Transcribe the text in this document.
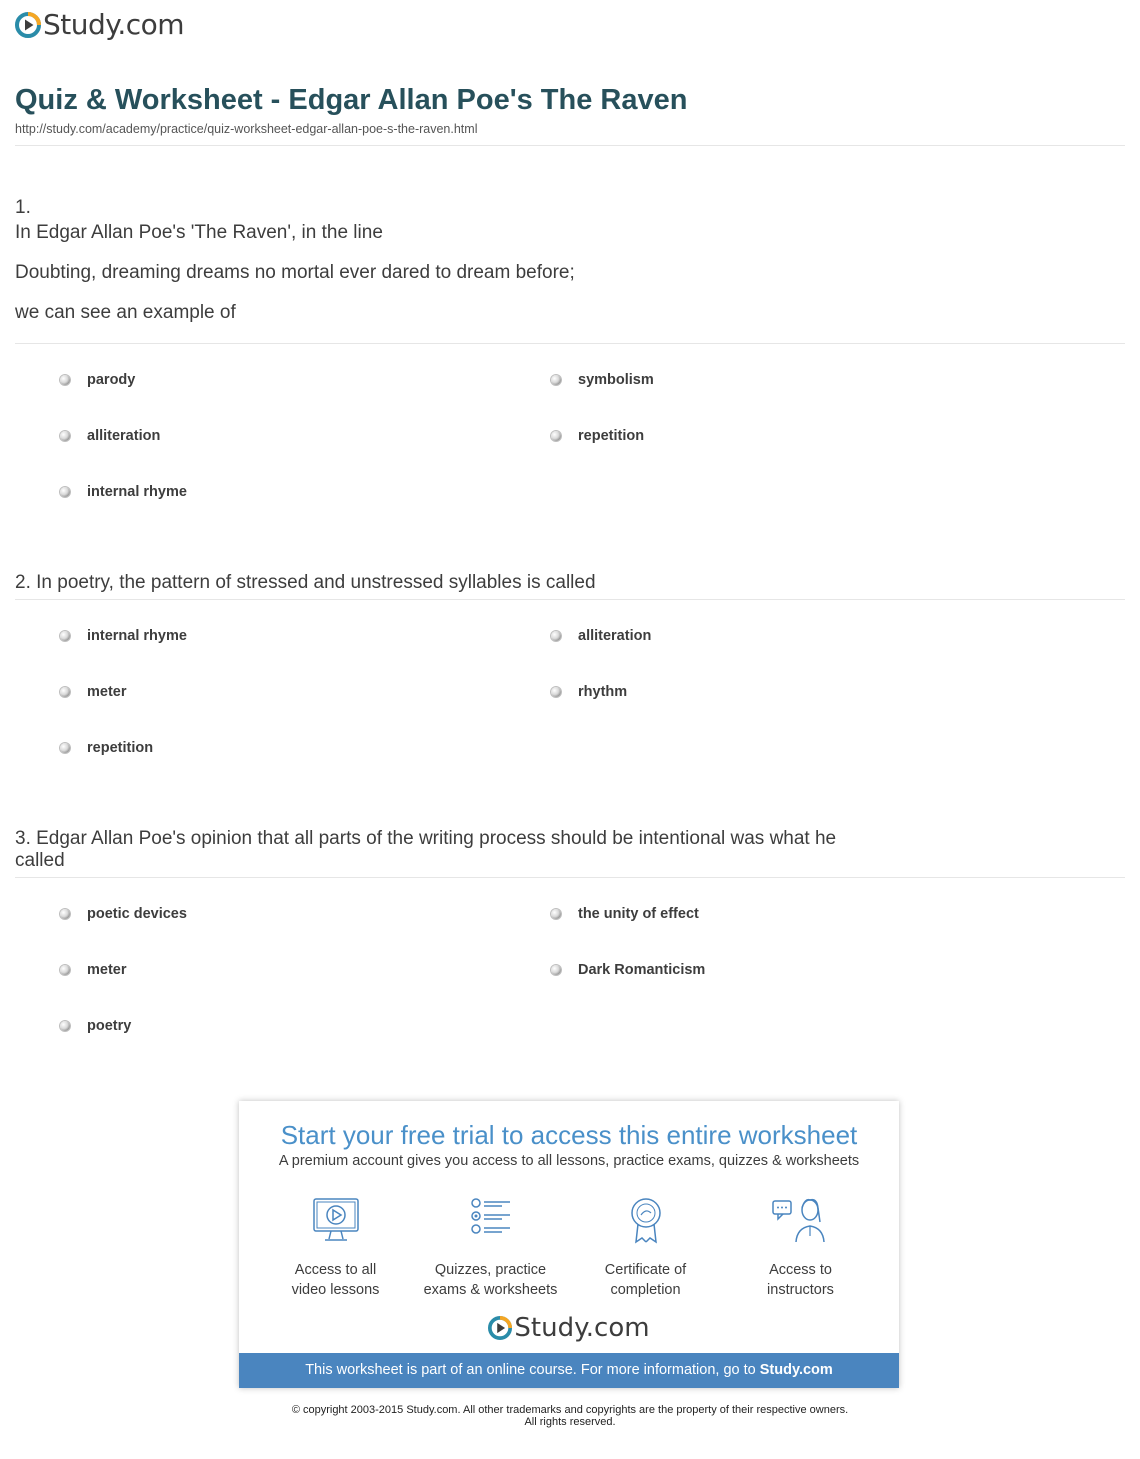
Study.com
Quiz & Worksheet - Edgar Allan Poe's The Raven
http://study.com/academy/practice/quiz-worksheet-edgar-allan-poe-s-the-raven.html
1.
In Edgar Allan Poe's 'The Raven', in the line
Doubting, dreaming dreams no mortal ever dared to dream before;
we can see an example of
parody	symbolism
alliteration	repetition
internal rhyme
2. In poetry, the pattern of stressed and unstressed syllables is called
internal rhyme	alliteration
meter	rhythm
repetition
3. Edgar Allan Poe's opinion that all parts of the writing process should be intentional was what he
called
poetic devices	the unity of effect
meter	Dark Romanticism
poetry
Start your free trial to access this entire worksheet
A premium account gives you access to all lessons, practice exams, quizzes & worksheets
Access to all
video lessons
Quizzes, practice
exams & worksheets
Certificate of
completion
Access to
instructors
Study.com
This worksheet is part of an online course. For more information, go to Study.com
© copyright 2003-2015 Study.com. All other trademarks and copyrights are the property of their respective owners.
All rights reserved.
